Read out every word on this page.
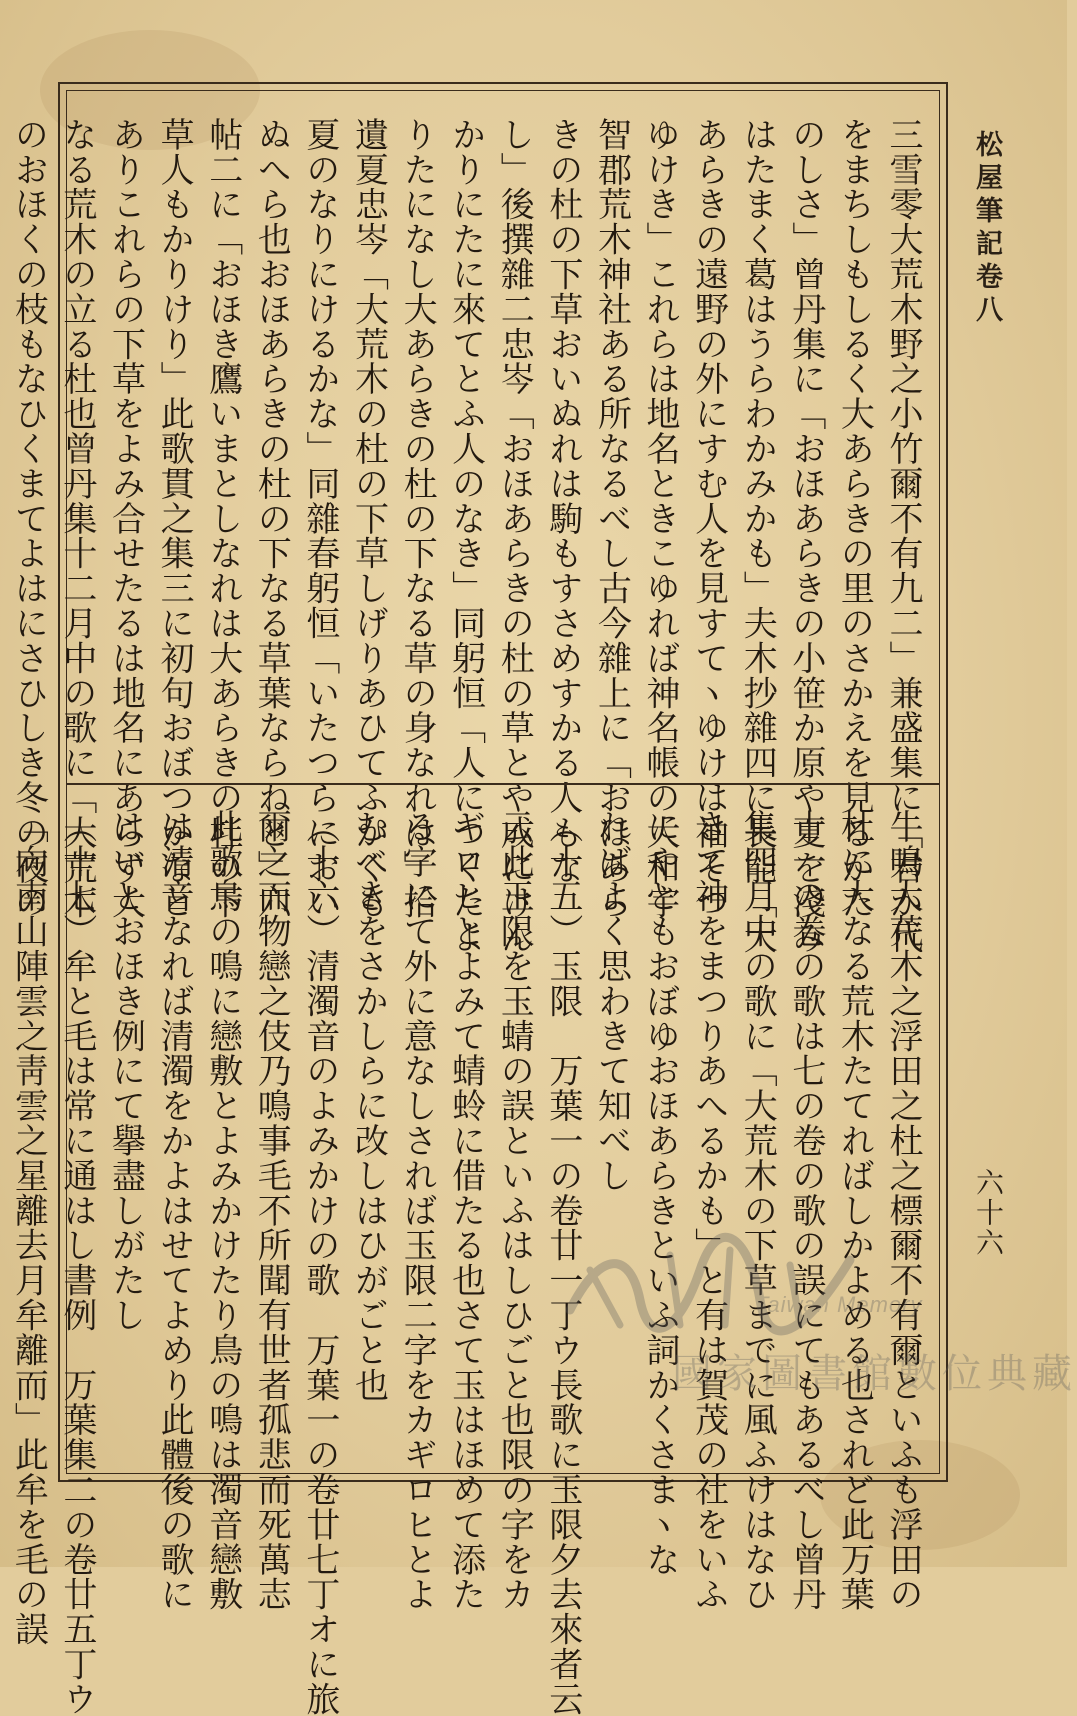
松屋筆記卷八
六十六

三雪零大荒木野之小竹爾不有九二」兼盛集に「君か代

をまちしもしるく大あらきの里のさかえを見るかた

のしさ」曾丹集に「おほあらきの小笹か原や夏を淺み

はたまく葛はうらわかみかも」夫木抄雜四に長能「大

あらきの遠野の外にすむ人を見すてヽゆけは袖そつ

ゆけき」これらは地名ときこゆれば神名帳の大和宇

智郡荒木神社ある所なるべし古今雜上に「おほあら

きの杜の下草おいぬれは駒もすさめすかる人もな

し」後撰雜二忠岑「おほあらきの杜の草とや成にけん

かりにたに來てとふ人のなき」同躬恒「人につくたよ

りたになし大あらきの杜の下なる草の身なれは」拾

遺夏忠岑「大荒木の杜の下草しげりあひてふかくも

夏のなりにけるかな」同雜春躬恒「いたつらにおい

ぬへら也おほあらきの杜の下なる草葉ならねと」六

帖二に「おほき鷹いまとしなれは大あらきの杜の下

草人もかりけり」此歌貫之集三に初句おぼつかなと

ありこれらの下草をよみ合せたるは地名にあらず大

なる荒木の立る杜也曾丹集十二月中の歌に「大荒木

のおほくの枝もなひくまてよはにさひしき冬の夜の

牛鳴大荒木之浮田之杜之標爾不有爾といふも浮田の

杜に大なる荒木たてればしかよめる也されど此万葉

十一の卷の歌は七の卷の歌の誤にてもあるべし曾丹

集四月中の歌に「大荒木の下草までに風ふけはなひ

きて神をまつりあへるかも」と有は賀茂の社をいふ

にやともおぼゆおほあらきといふ詞かくさまヽな

ればよく思わきて知べし

（十五）玉限　万葉一の卷廿一丁ウ長歌に玉限夕去來者云

云此玉限を玉蜻の誤といふはしひごと也限の字をカ

ギロヒとよみて蜻蛉に借たる也さて玉はほめて添た

る字にて外に意なしされば玉限二字をカギロヒとよ

むべきをさかしらに改しはひがごと也

（十六）清濁音のよみかけの歌　万葉一の卷廿七丁オに旅

爾之而物戀之伎乃鳴事毛不所聞有世者孤悲而死萬志

此歌鳥の鳴に戀敷とよみかけたり鳥の鳴は濁音戀敷

は清音なれば清濁をかよはせてよめり此體後の歌に

はいとおほき例にて擧盡しがたし

（十七）牟と毛は常に通はし書例　万葉集二の卷廿五丁ウ

「向南山陣雲之靑雲之星離去月牟離而」此牟を毛の誤	Taiwan Memory
國家圖書館數位典藏
